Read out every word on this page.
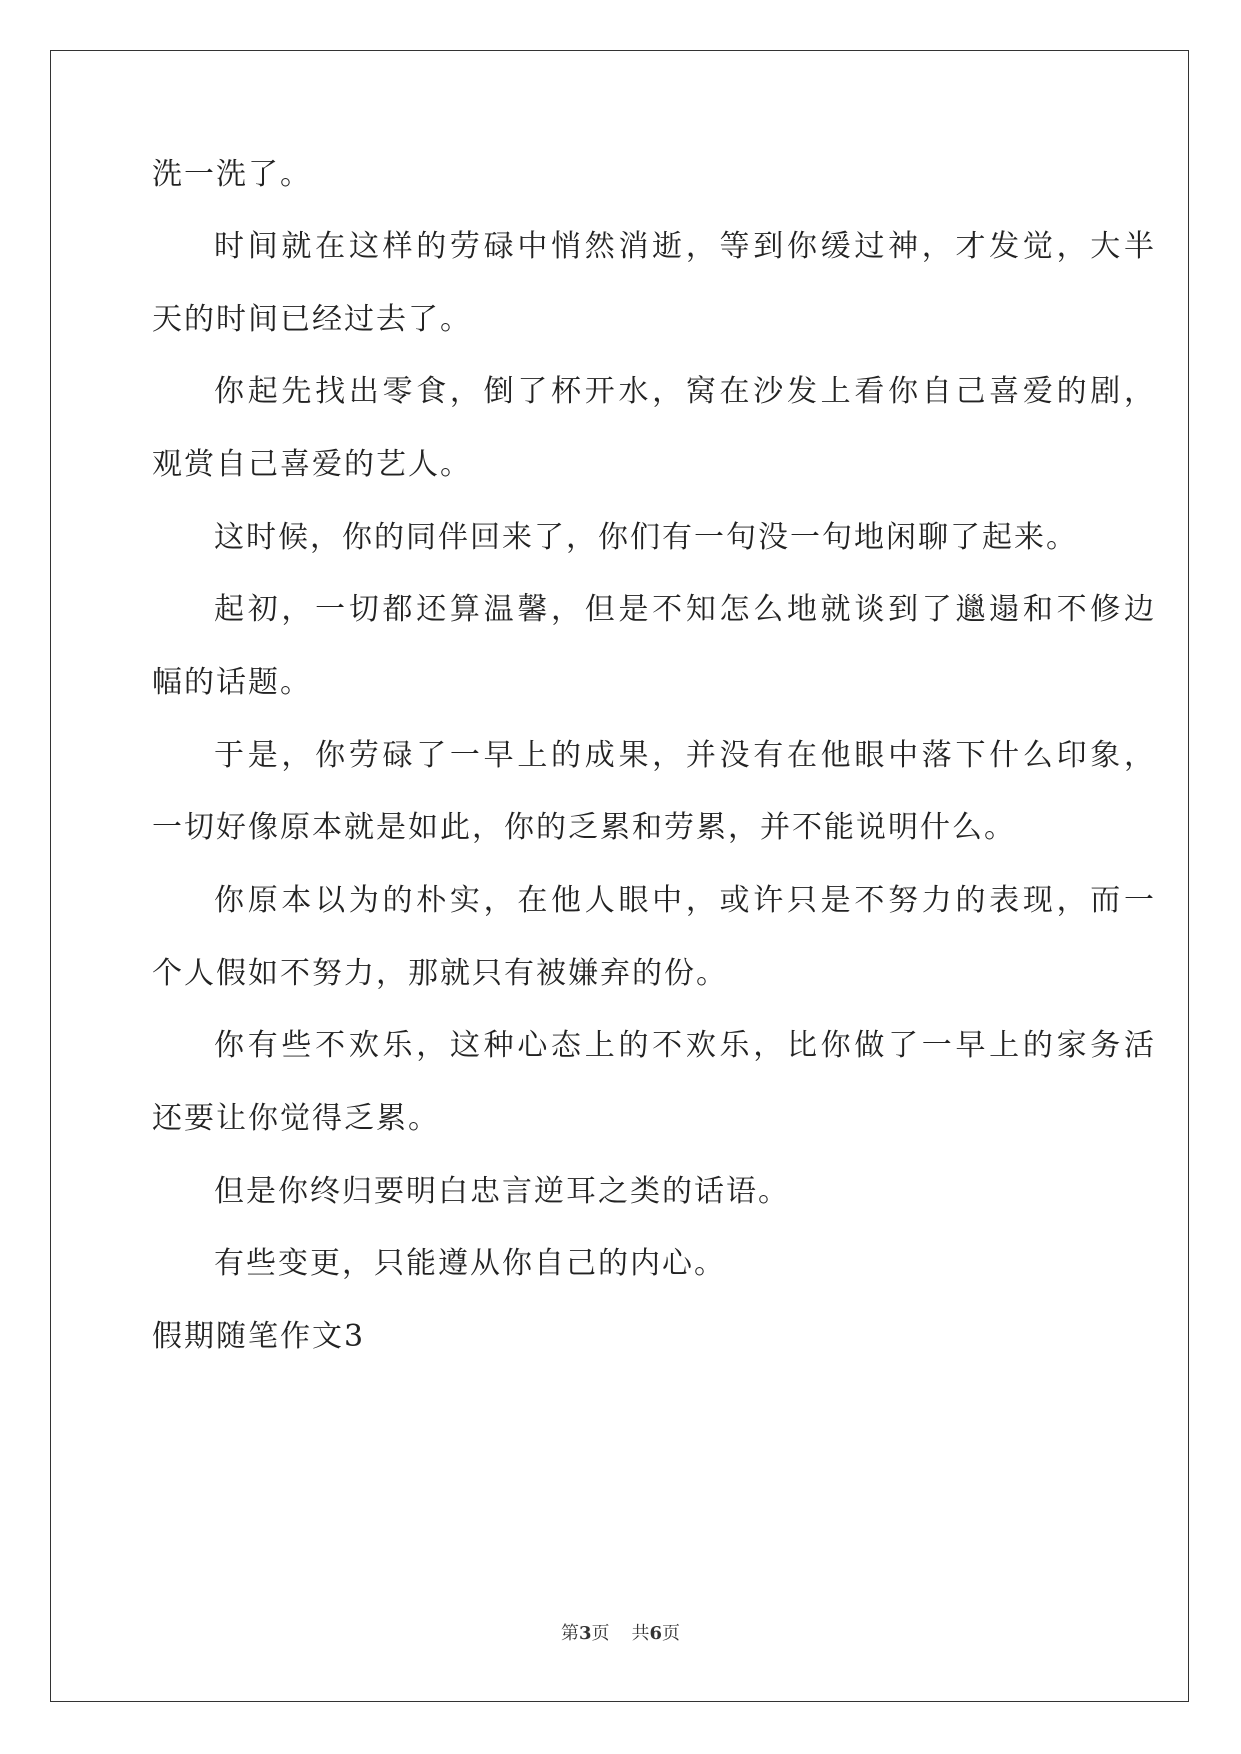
洗一洗了。
时间就在这样的劳碌中悄然消逝，等到你缓过神，才发觉，大半
天的时间已经过去了。
你起先找出零食，倒了杯开水，窝在沙发上看你自己喜爱的剧，
观赏自己喜爱的艺人。
这时候，你的同伴回来了，你们有一句没一句地闲聊了起来。
起初，一切都还算温馨，但是不知怎么地就谈到了邋遢和不修边
幅的话题。
于是，你劳碌了一早上的成果，并没有在他眼中落下什么印象，
一切好像原本就是如此，你的乏累和劳累，并不能说明什么。
你原本以为的朴实，在他人眼中，或许只是不努力的表现，而一
个人假如不努力，那就只有被嫌弃的份。
你有些不欢乐，这种心态上的不欢乐，比你做了一早上的家务活
还要让你觉得乏累。
但是你终归要明白忠言逆耳之类的话语。
有些变更，只能遵从你自己的内心。
假期随笔作文3
第3页 共6页
